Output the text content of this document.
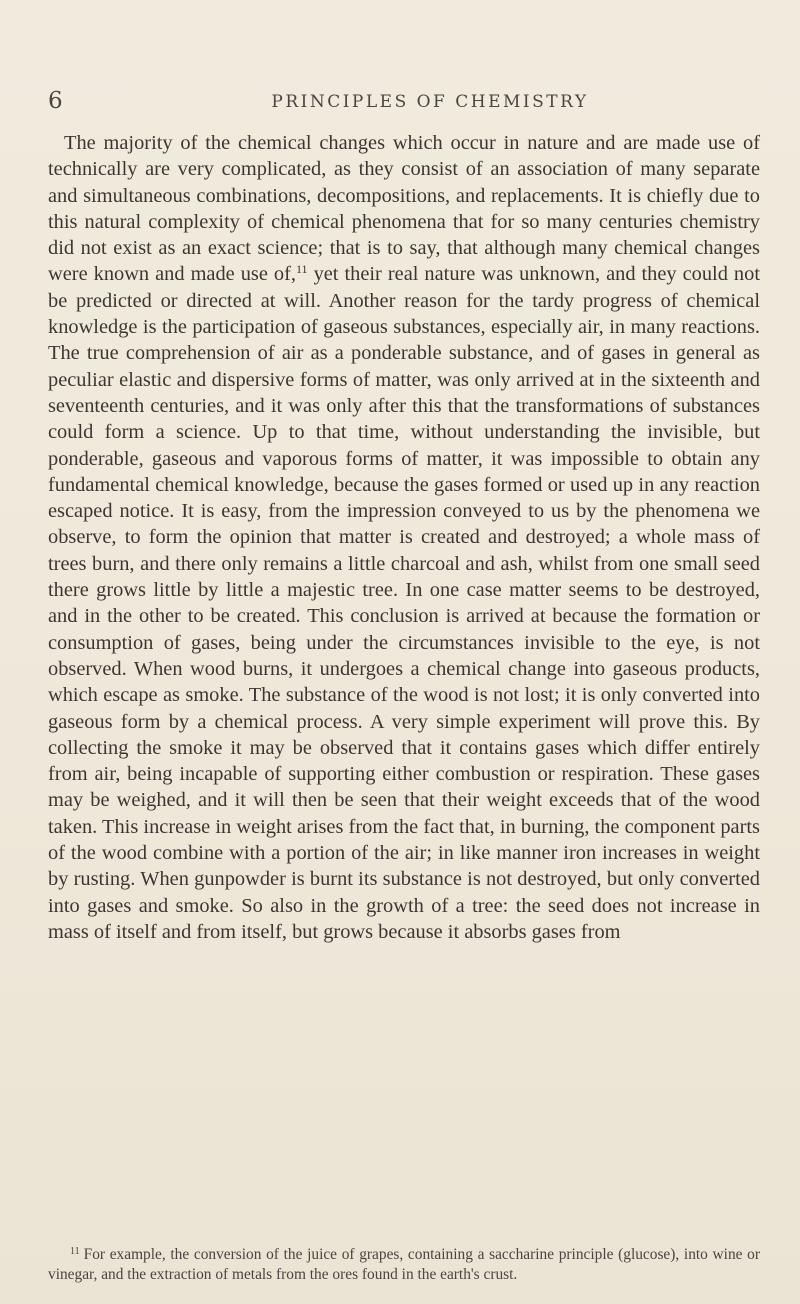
6	PRINCIPLES OF CHEMISTRY

The majority of the chemical changes which occur in nature and are made use of technically are very complicated, as they consist of an association of many separate and simultaneous combinations, decompositions, and replacements. It is chiefly due to this natural complexity of chemical phenomena that for so many centuries chemistry did not exist as an exact science; that is to say, that although many chemical changes were known and made use of,$^{11}$ yet their real nature was unknown, and they could not be predicted or directed at will. Another reason for the tardy progress of chemical knowledge is the participation of gaseous substances, especially air, in many reactions. The true comprehension of air as a ponderable substance, and of gases in general as peculiar elastic and dispersive forms of matter, was only arrived at in the sixteenth and seventeenth centuries, and it was only after this that the transformations of substances could form a science. Up to that time, without understanding the invisible, but ponderable, gaseous and vaporous forms of matter, it was impossible to obtain any fundamental chemical knowledge, because the gases formed or used up in any reaction escaped notice. It is easy, from the impression conveyed to us by the phenomena we observe, to form the opinion that matter is created and destroyed; a whole mass of trees burn, and there only remains a little charcoal and ash, whilst from one small seed there grows little by little a majestic tree. In one case matter seems to be destroyed, and in the other to be created. This conclusion is arrived at because the formation or consumption of gases, being under the circumstances invisible to the eye, is not observed. When wood burns, it undergoes a chemical change into gaseous products, which escape as smoke. The substance of the wood is not lost; it is only converted into gaseous form by a chemical process. A very simple experiment will prove this. By collecting the smoke it may be observed that it contains gases which differ entirely from air, being incapable of supporting either combustion or respiration. These gases may be weighed, and it will then be seen that their weight exceeds that of the wood taken. This increase in weight arises from the fact that, in burning, the component parts of the wood combine with a portion of the air; in like manner iron increases in weight by rusting. When gunpowder is burnt its substance is not destroyed, but only converted into gases and smoke. So also in the growth of a tree: the seed does not increase in mass of itself and from itself, but grows because it absorbs gases from

$^{11}$ For example, the conversion of the juice of grapes, containing a saccharine principle (glucose), into wine or vinegar, and the extraction of metals from the ores found in the earth's crust.
